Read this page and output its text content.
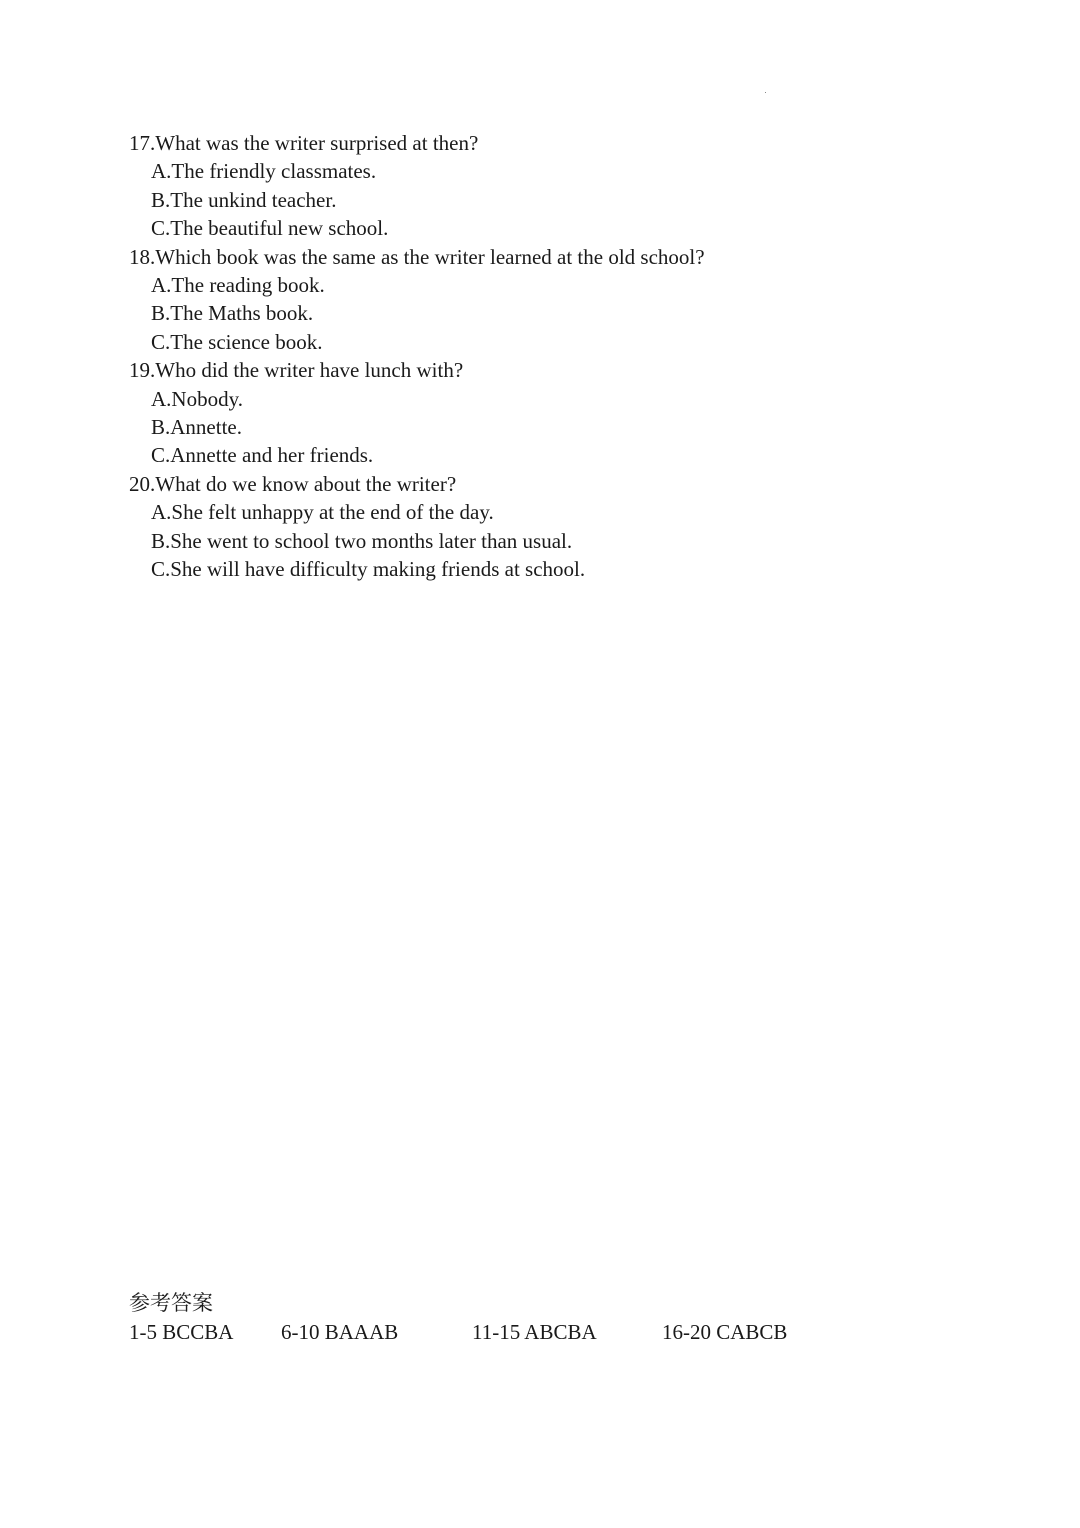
17.What was the writer surprised at then?
A.The friendly classmates.
B.The unkind teacher.
C.The beautiful new school.
18.Which book was the same as the writer learned at the old school?
A.The reading book.
B.The Maths book.
C.The science book.
19.Who did the writer have lunch with?
A.Nobody.
B.Annette.
C.Annette and her friends.
20.What do we know about the writer?
A.She felt unhappy at the end of the day.
B.She went to school two months later than usual.
C.She will have difficulty making friends at school.
参考答案
1-5 BCCBA 6-10 BAAAB	11-15 ABCBA	16-20 CABCB
